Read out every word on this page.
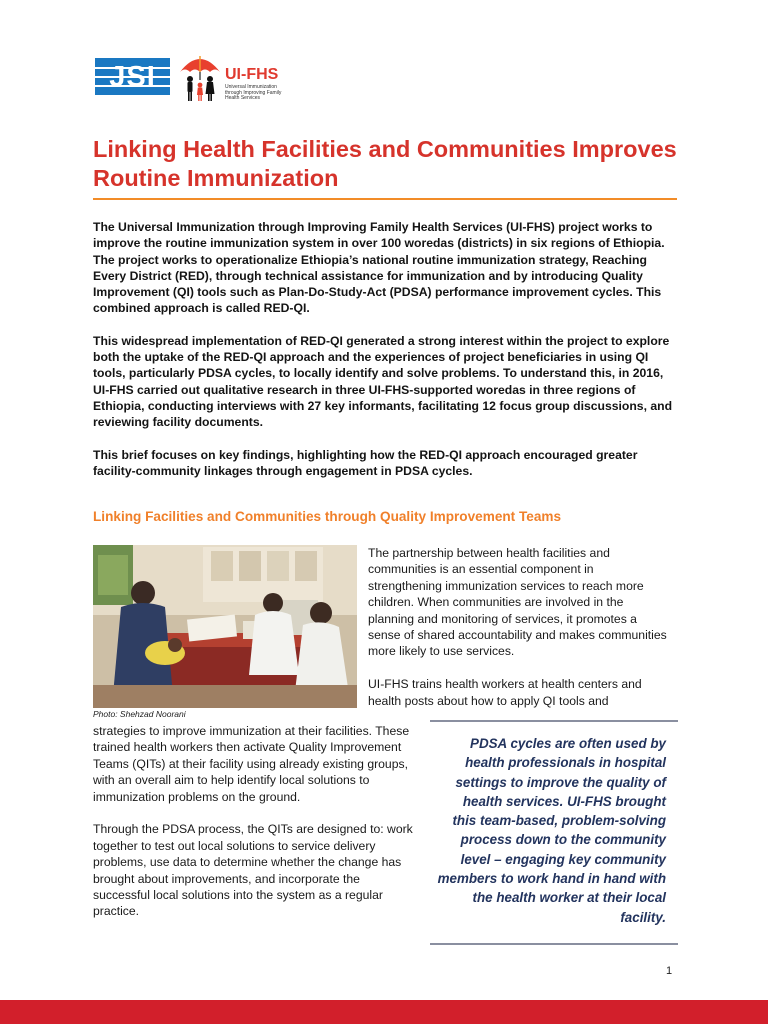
JSI	UI-FHS
Universal Immunization through Improving Family Health Services
Linking Health Facilities and Communities Improves Routine Immunization

The Universal Immunization through Improving Family Health Services (UI-FHS) project works to improve the routine immunization system in over 100 woredas (districts) in six regions of Ethiopia. The project works to operationalize Ethiopia’s national routine immunization strategy, Reaching Every District (RED), through technical assistance for immunization and by introducing Quality Improvement (QI) tools such as Plan-Do-Study-Act (PDSA) performance improvement cycles. This combined approach is called RED-QI.

This widespread implementation of RED-QI generated a strong interest within the project to explore both the uptake of the RED-QI approach and the experiences of project beneficiaries in using QI tools, particularly PDSA cycles, to locally identify and solve problems. To understand this, in 2016, UI-FHS carried out qualitative research in three UI-FHS-supported woredas in three regions of Ethiopia, conducting interviews with 27 key informants, facilitating 12 focus group discussions, and reviewing facility documents.

This brief focuses on key findings, highlighting how the RED-QI approach encouraged greater facility-community linkages through engagement in PDSA cycles.

Linking Facilities and Communities through Quality Improvement Teams
Photo: Shehzad Noorani

The partnership between health facilities and communities is an essential component in strengthening immunization services to reach more children. When communities are involved in the planning and monitoring of services, it promotes a sense of shared accountability and makes communities more likely to use services.

UI-FHS trains health workers at health centers and health posts about how to apply QI tools and

strategies to improve immunization at their facilities. These trained health workers then activate Quality Improvement Teams (QITs) at their facility using already existing groups, with an overall aim to help identify local solutions to immunization problems on the ground.

Through the PDSA process, the QITs are designed to: work together to test out local solutions to service delivery problems, use data to determine whether the change has brought about improvements, and incorporate the successful local solutions into the system as a regular practice.

PDSA cycles are often used by health professionals in hospital settings to improve the quality of health services. UI-FHS brought this team-based, problem-solving process down to the community level – engaging key community members to work hand in hand with the health worker at their local facility.
1
